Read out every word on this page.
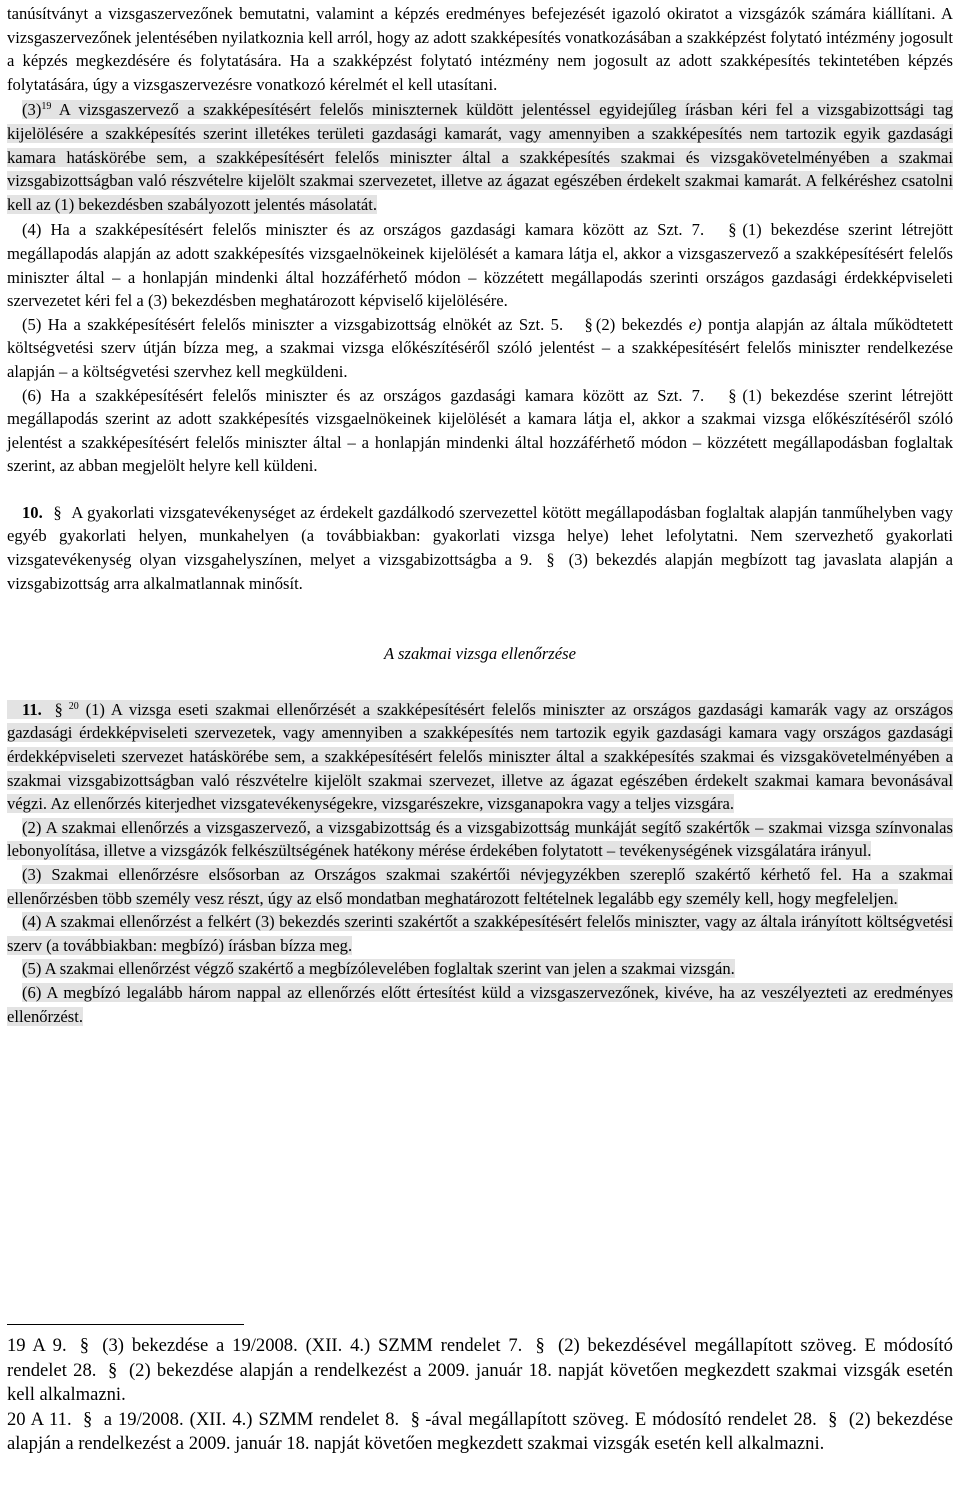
tanúsítványt a vizsgaszervezőnek bemutatni, valamint a képzés eredményes befejezését igazoló okiratot a vizsgázók számára kiállítani. A vizsgaszervezőnek jelentésében nyilatkoznia kell arról, hogy az adott szakképesítés vonatkozásában a szakképzést folytató intézmény jogosult a képzés megkezdésére és folytatására. Ha a szakképzést folytató intézmény nem jogosult az adott szakképesítés tekintetében képzés folytatására, úgy a vizsgaszervezésre vonatkozó kérelmét el kell utasítani.

$(3)^{19}$ A vizsgaszervező a szakképesítésért felelős miniszternek küldött jelentéssel egyidejűleg írásban kéri fel a vizsgabizottsági tag kijelölésére a szakképesítés szerint illetékes területi gazdasági kamarát, vagy amennyiben a szakképesítés nem tartozik egyik gazdasági kamara hatáskörébe sem, a szakképesítésért felelős miniszter által a szakképesítés szakmai és vizsgakövetelményében a szakmai vizsgabizottságban való részvételre kijelölt szakmai szervezetet, illetve az ágazat egészében érdekelt szakmai kamarát. A felkéréshez csatolni kell az (1) bekezdésben szabályozott jelentés másolatát.

(4) Ha a szakképesítésért felelős miniszter és az országos gazdasági kamara között az Szt. 7. § (1) bekezdése szerint létrejött megállapodás alapján az adott szakképesítés vizsgaelnökeinek kijelölését a kamara látja el, akkor a vizsgaszervező a szakképesítésért felelős miniszter által – a honlapján mindenki által hozzáférhető módon – közzétett megállapodás szerinti országos gazdasági érdekképviseleti szervezetet kéri fel a (3) bekezdésben meghatározott képviselő kijelölésére.

(5) Ha a szakképesítésért felelős miniszter a vizsgabizottság elnökét az Szt. 5. § (2) bekezdés e) pontja alapján az általa működtetett költségvetési szerv útján bízza meg, a szakmai vizsga előkészítéséről szóló jelentést – a szakképesítésért felelős miniszter rendelkezése alapján – a költségvetési szervhez kell megküldeni.

(6) Ha a szakképesítésért felelős miniszter és az országos gazdasági kamara között az Szt. 7. § (1) bekezdése szerint létrejött megállapodás szerint az adott szakképesítés vizsgaelnökeinek kijelölését a kamara látja el, akkor a szakmai vizsga előkészítéséről szóló jelentést a szakképesítésért felelős miniszter által – a honlapján mindenki által hozzáférhető módon – közzétett megállapodásban foglaltak szerint, az abban megjelölt helyre kell küldeni.

10. § A gyakorlati vizsgatevékenységet az érdekelt gazdálkodó szervezettel kötött megállapodásban foglaltak alapján tanműhelyben vagy egyéb gyakorlati helyen, munkahelyen (a továbbiakban: gyakorlati vizsga helye) lehet lefolytatni. Nem szervezhető gyakorlati vizsgatevékenység olyan vizsgahelyszínen, melyet a vizsgabizottságba a 9. § (3) bekezdés alapján megbízott tag javaslata alapján a vizsgabizottság arra alkalmatlannak minősít.

A szakmai vizsga ellenőrzése

11. § $^{20}$ (1) A vizsga eseti szakmai ellenőrzését a szakképesítésért felelős miniszter az országos gazdasági kamarák vagy az országos gazdasági érdekképviseleti szervezetek, vagy amennyiben a szakképesítés nem tartozik egyik gazdasági kamara vagy országos gazdasági érdekképviseleti szervezet hatáskörébe sem, a szakképesítésért felelős miniszter által a szakképesítés szakmai és vizsgakövetelményében a szakmai vizsgabizottságban való részvételre kijelölt szakmai szervezet, illetve az ágazat egészében érdekelt szakmai kamara bevonásával végzi. Az ellenőrzés kiterjedhet vizsgatevékenységekre, vizsgarészekre, vizsganapokra vagy a teljes vizsgára.

(2) A szakmai ellenőrzés a vizsgaszervező, a vizsgabizottság és a vizsgabizottság munkáját segítő szakértők – szakmai vizsga színvonalas lebonyolítása, illetve a vizsgázók felkészültségének hatékony mérése érdekében folytatott – tevékenységének vizsgálatára irányul.

(3) Szakmai ellenőrzésre elsősorban az Országos szakmai szakértői névjegyzékben szereplő szakértő kérhető fel. Ha a szakmai ellenőrzésben több személy vesz részt, úgy az első mondatban meghatározott feltételnek legalább egy személy kell, hogy megfeleljen.

(4) A szakmai ellenőrzést a felkért (3) bekezdés szerinti szakértőt a szakképesítésért felelős miniszter, vagy az általa irányított költségvetési szerv (a továbbiakban: megbízó) írásban bízza meg.

(5) A szakmai ellenőrzést végző szakértő a megbízólevelében foglaltak szerint van jelen a szakmai vizsgán.

(6) A megbízó legalább három nappal az ellenőrzés előtt értesítést küld a vizsgaszervezőnek, kivéve, ha az veszélyezteti az eredményes ellenőrzést.

19 A 9. § (3) bekezdése a 19/2008. (XII. 4.) SZMM rendelet 7. § (2) bekezdésével megállapított szöveg. E módosító rendelet 28. § (2) bekezdése alapján a rendelkezést a 2009. január 18. napját követően megkezdett szakmai vizsgák esetén kell alkalmazni.

20 A 11. § a 19/2008. (XII. 4.) SZMM rendelet 8. § -ával megállapított szöveg. E módosító rendelet 28. § (2) bekezdése alapján a rendelkezést a 2009. január 18. napját követően megkezdett szakmai vizsgák esetén kell alkalmazni.
